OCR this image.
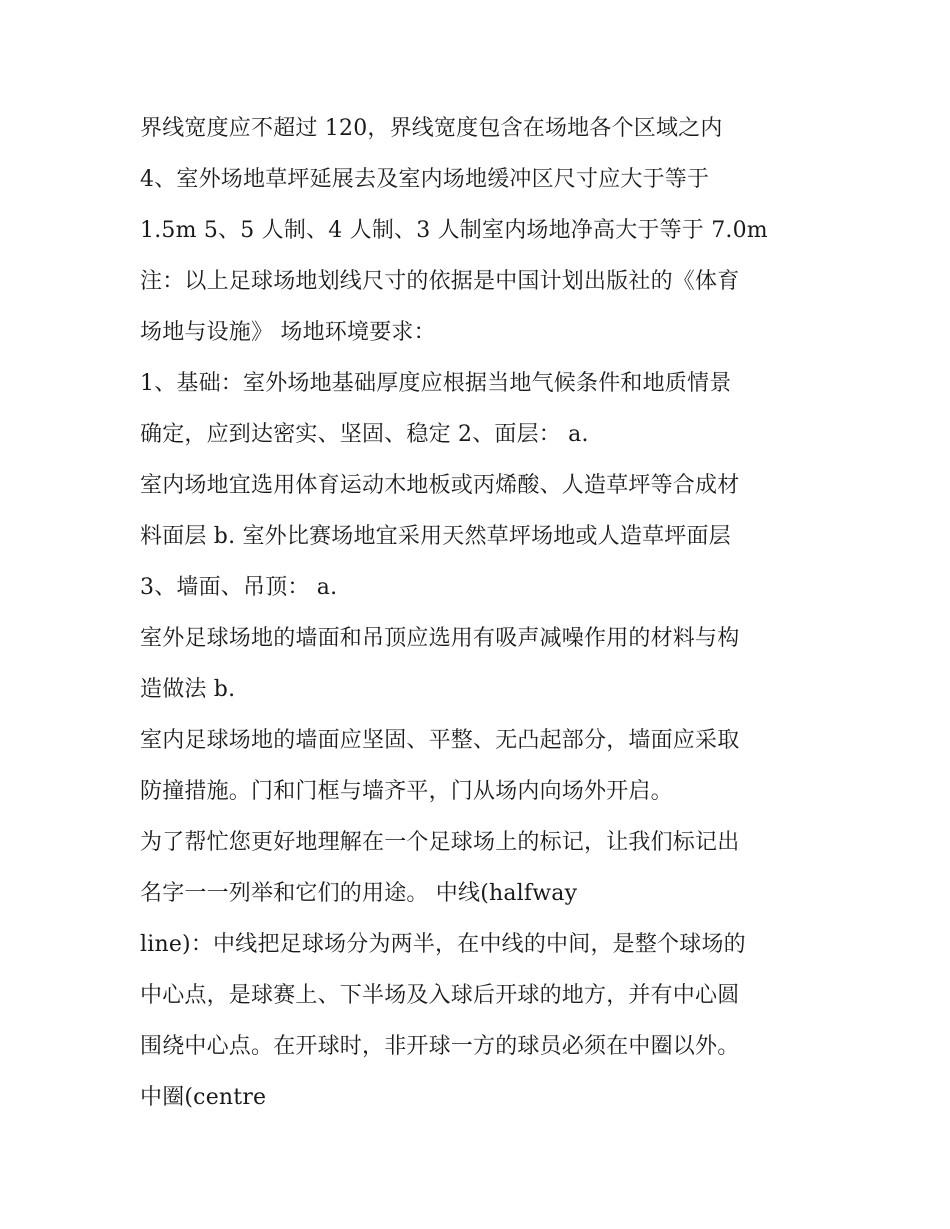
界线宽度应不超过 120，界线宽度包含在场地各个区域之内
4、室外场地草坪延展去及室内场地缓冲区尺寸应大于等于
1.5m 5、5 人制、4 人制、3 人制室内场地净高大于等于 7.0m
注：以上足球场地划线尺寸的依据是中国计划出版社的《体育
场地与设施》 场地环境要求：
1、基础：室外场地基础厚度应根据当地气候条件和地质情景
确定，应到达密实、坚固、稳定 2、面层： a.
室内场地宜选用体育运动木地板或丙烯酸、人造草坪等合成材
料面层 b. 室外比赛场地宜采用天然草坪场地或人造草坪面层
3、墙面、吊顶： a.
室外足球场地的墙面和吊顶应选用有吸声减噪作用的材料与构
造做法 b.
室内足球场地的墙面应坚固、平整、无凸起部分，墙面应采取
防撞措施。门和门框与墙齐平，门从场内向场外开启。
为了帮忙您更好地理解在一个足球场上的标记，让我们标记出
名字一一列举和它们的用途。 中线(halfway
line)：中线把足球场分为两半，在中线的中间，是整个球场的
中心点，是球赛上、下半场及入球后开球的地方，并有中心圆
围绕中心点。在开球时，非开球一方的球员必须在中圈以外。
中圈(centre
